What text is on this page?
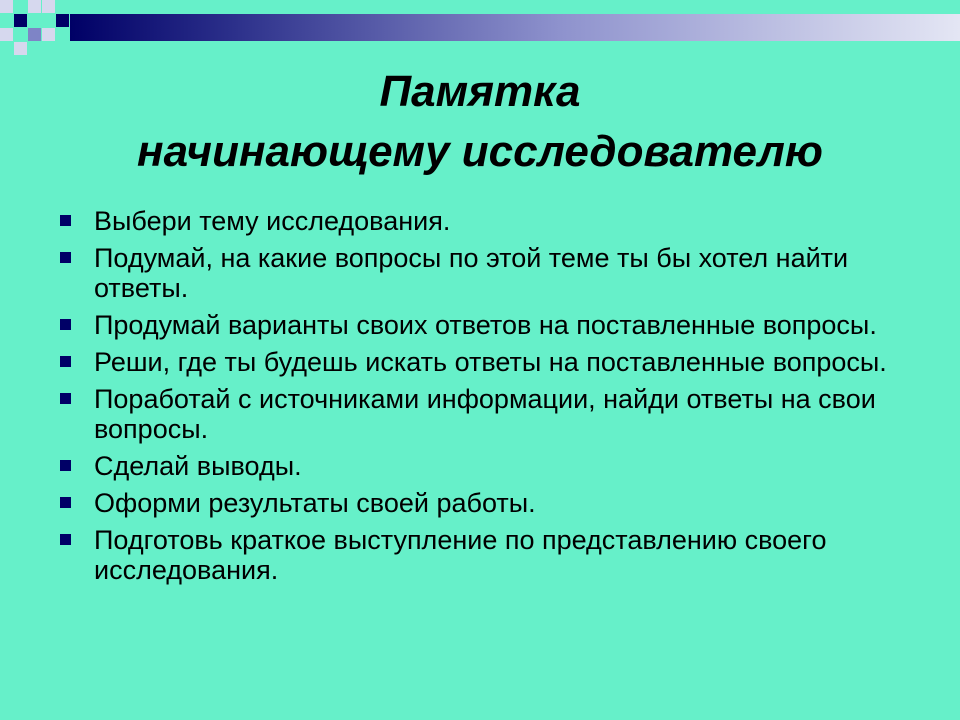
Памятка
начинающему исследователю
Выбери тему исследования.
Подумай, на какие вопросы по этой теме ты бы хотел найти ответы.
Продумай варианты своих ответов на поставленные вопросы.
Реши, где ты будешь искать ответы на поставленные вопросы.
Поработай с источниками информации, найди ответы на свои вопросы.
Сделай выводы.
Оформи результаты своей работы.
Подготовь краткое выступление по представлению своего исследования.
